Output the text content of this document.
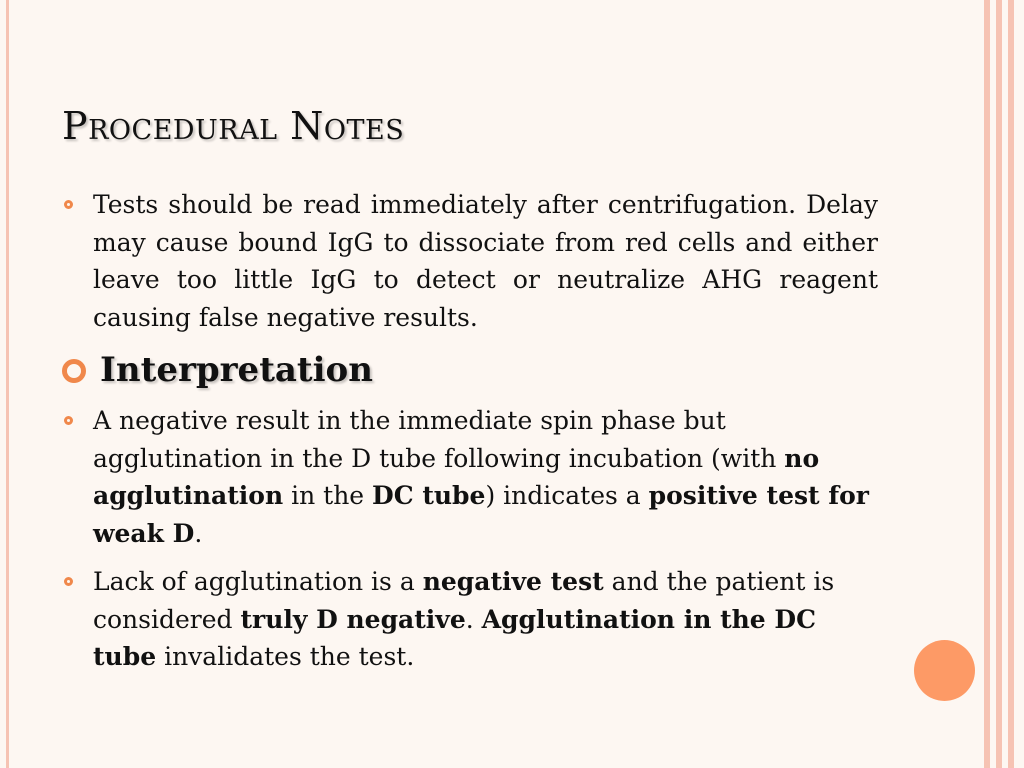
Procedural Notes

Tests should be read immediately after centrifugation. Delay may cause bound IgG to dissociate from red cells and either leave too little IgG to detect or neutralize AHG reagent causing false negative results.

Interpretation

A negative result in the immediate spin phase but agglutination in the D tube following incubation (with no agglutination in the DC tube) indicates a positive test for weak D.

Lack of agglutination is a negative test and the patient is considered truly D negative. Agglutination in the DC tube invalidates the test.
